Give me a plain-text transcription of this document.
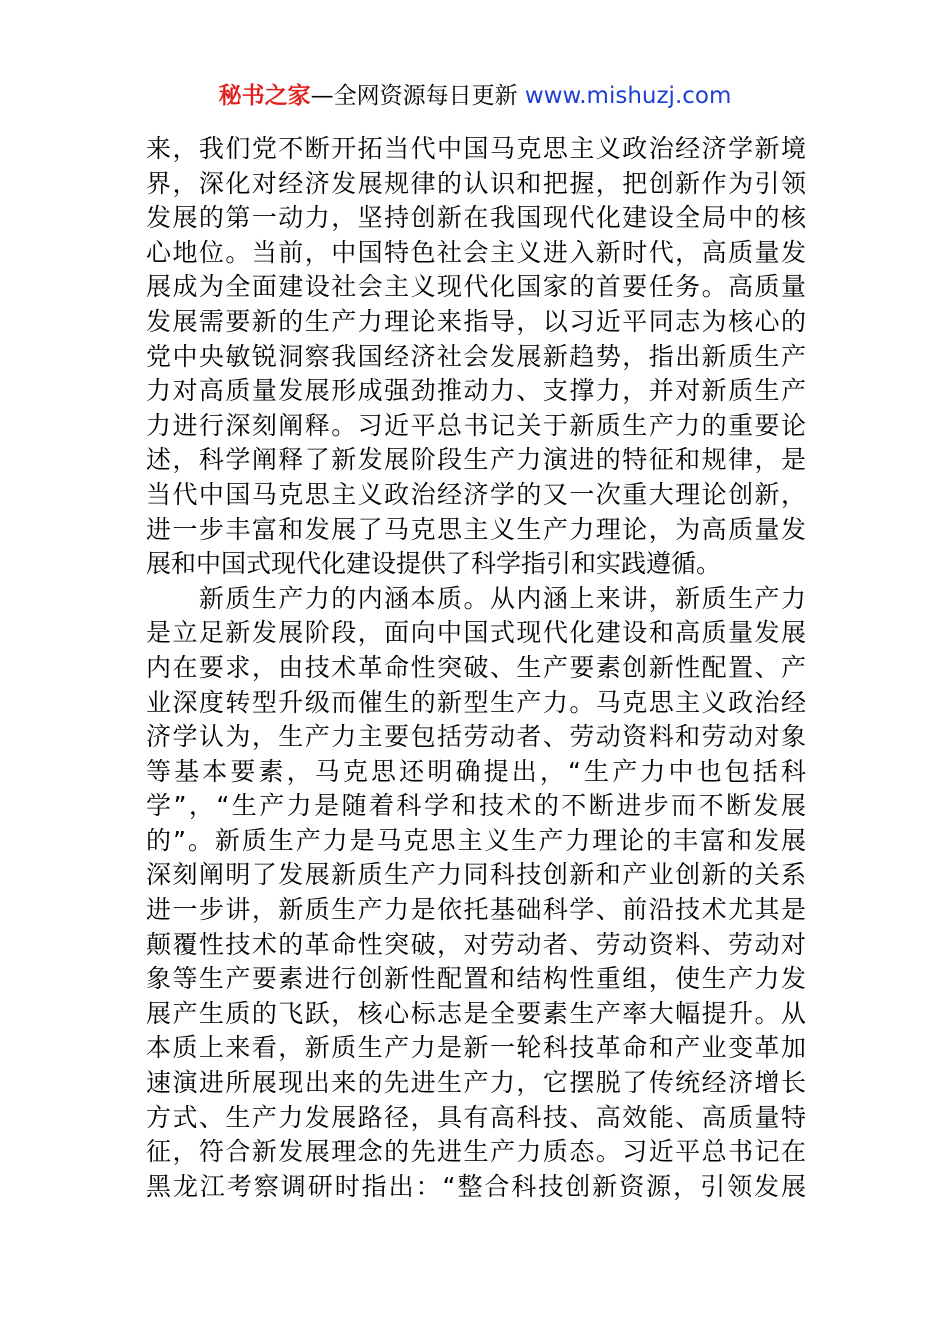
秘书之家—全网资源每日更新 www.mishuzj.com
来，我们党不断开拓当代中国马克思主义政治经济学新境
界，深化对经济发展规律的认识和把握，把创新作为引领
发展的第一动力，坚持创新在我国现代化建设全局中的核
心地位。当前，中国特色社会主义进入新时代，高质量发
展成为全面建设社会主义现代化国家的首要任务。高质量
发展需要新的生产力理论来指导，以习近平同志为核心的
党中央敏锐洞察我国经济社会发展新趋势，指出新质生产
力对高质量发展形成强劲推动力、支撑力，并对新质生产
力进行深刻阐释。习近平总书记关于新质生产力的重要论
述，科学阐释了新发展阶段生产力演进的特征和规律，是
当代中国马克思主义政治经济学的又一次重大理论创新，
进一步丰富和发展了马克思主义生产力理论，为高质量发
展和中国式现代化建设提供了科学指引和实践遵循。
　　新质生产力的内涵本质。从内涵上来讲，新质生产力
是立足新发展阶段，面向中国式现代化建设和高质量发展
内在要求，由技术革命性突破、生产要素创新性配置、产
业深度转型升级而催生的新型生产力。马克思主义政治经
济学认为，生产力主要包括劳动者、劳动资料和劳动对象
等基本要素，马克思还明确提出，“生产力中也包括科
学”，“生产力是随着科学和技术的不断进步而不断发展
的”。新质生产力是马克思主义生产力理论的丰富和发展
深刻阐明了发展新质生产力同科技创新和产业创新的关系
进一步讲，新质生产力是依托基础科学、前沿技术尤其是
颠覆性技术的革命性突破，对劳动者、劳动资料、劳动对
象等生产要素进行创新性配置和结构性重组，使生产力发
展产生质的飞跃，核心标志是全要素生产率大幅提升。从
本质上来看，新质生产力是新一轮科技革命和产业变革加
速演进所展现出来的先进生产力，它摆脱了传统经济增长
方式、生产力发展路径，具有高科技、高效能、高质量特
征，符合新发展理念的先进生产力质态。习近平总书记在
黑龙江考察调研时指出：“整合科技创新资源，引领发展
